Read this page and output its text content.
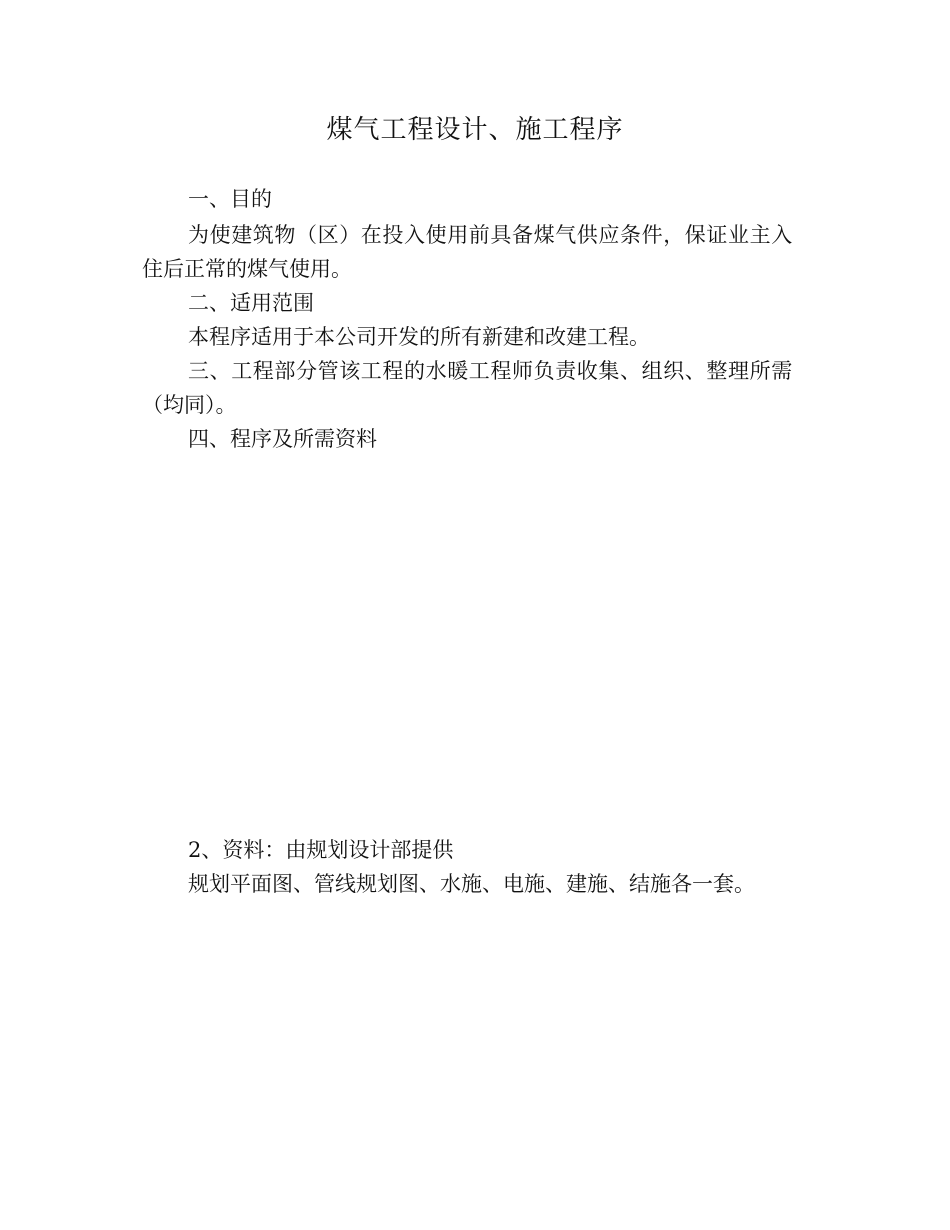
煤气工程设计、施工程序
一、目的
为使建筑物（区）在投入使用前具备煤气供应条件，保证业主入
住后正常的煤气使用。
二、适用范围
本程序适用于本公司开发的所有新建和改建工程。
三、工程部分管该工程的水暖工程师负责收集、组织、整理所需
（均同）。
四、程序及所需资料
2、资料：由规划设计部提供
规划平面图、管线规划图、水施、电施、建施、结施各一套。
